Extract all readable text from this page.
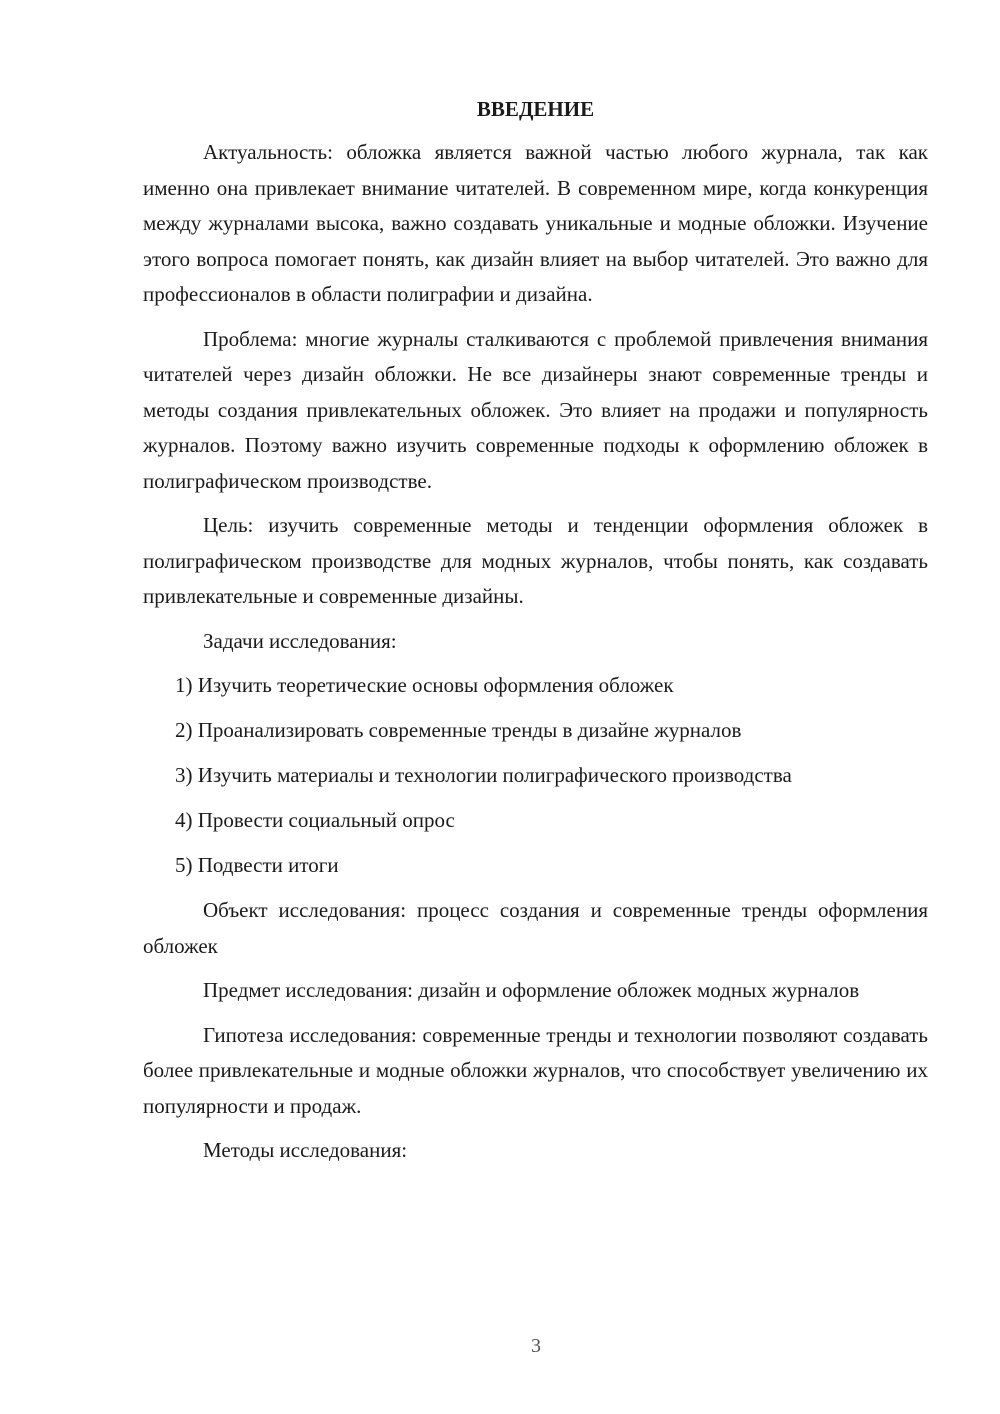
ВВЕДЕНИЕ

Актуальность: обложка является важной частью любого журнала, так как именно она привлекает внимание читателей. В современном мире, когда конкуренция между журналами высока, важно создавать уникальные и модные обложки. Изучение этого вопроса помогает понять, как дизайн влияет на выбор читателей. Это важно для профессионалов в области полиграфии и дизайна.

Проблема: многие журналы сталкиваются с проблемой привлечения внимания читателей через дизайн обложки. Не все дизайнеры знают современные тренды и методы создания привлекательных обложек. Это влияет на продажи и популярность журналов. Поэтому важно изучить современные подходы к оформлению обложек в полиграфическом производстве.

Цель: изучить современные методы и тенденции оформления обложек в полиграфическом производстве для модных журналов, чтобы понять, как создавать привлекательные и современные дизайны.

Задачи исследования:

1) Изучить теоретические основы оформления обложек
2) Проанализировать современные тренды в дизайне журналов
3) Изучить материалы и технологии полиграфического производства
4) Провести социальный опрос
5) Подвести итоги

Объект исследования: процесс создания и современные тренды оформления обложек

Предмет исследования: дизайн и оформление обложек модных журналов

Гипотеза исследования: современные тренды и технологии позволяют создавать более привлекательные и модные обложки журналов, что способствует увеличению их популярности и продаж.

Методы исследования:

3
